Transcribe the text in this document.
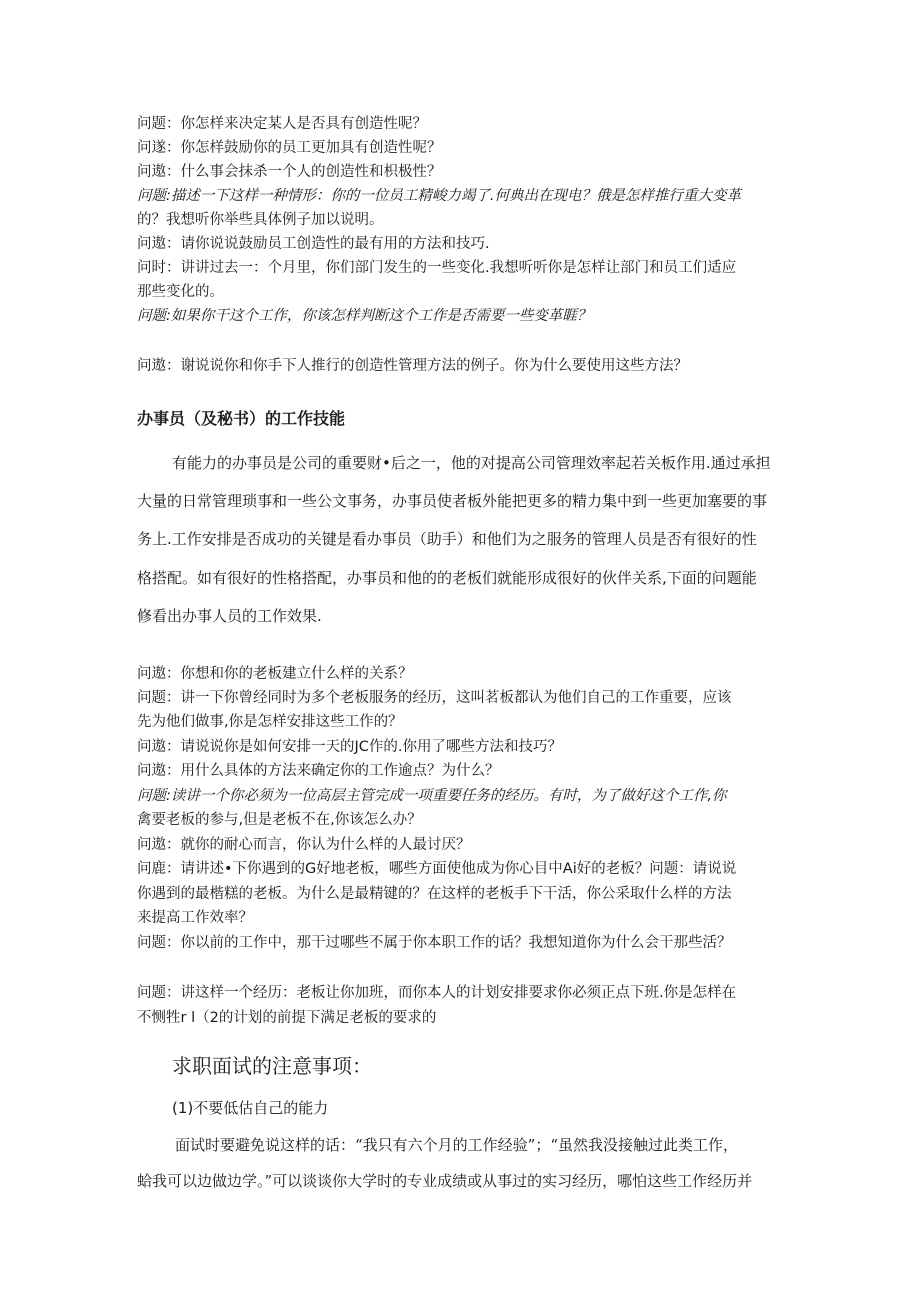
问题：你怎样来决定某人是否具有创造性呢？
问遂：你怎样鼓励你的员工更加具有创造性呢？
问遨：什么事会抹杀一个人的创造性和枳极性？
问题:描述一下这样一种情形：你的一位员工精峻力竭了.何典出在现电？俄是怎样推行重大变革
的？我想听你举些具体例子加以说明。
问遨：请你说说鼓励员工创造性的最有用的方法和技巧.
问时：讲讲过去一：个月里，你们部门发生的一些变化.我想听听你是怎样让部门和员工们适应
那些变化的。
问题:如果你干这个工作，你该怎样判断这个工作是否需要一些变革睚？
问遨：谢说说你和你手下人推行的创造性管理方法的例子。你为什么要使用这些方法？
办事员（及秘书）的工作技能
有能力的办事员是公司的重要财•后之一，他的对提高公司管理效率起若关板作用.通过承担
大量的日常管理琐事和一些公文事务，办事员使者板外能把更多的精力集中到一些更加塞要的事
务上.工作安排是否成功的关键是看办事员（助手）和他们为之服务的管理人员是否有很好的性
格搭配。如有很好的性格搭配，办事员和他的的老板们就能形成很好的伙伴关系,下面的问题能
修看出办事人员的工作效果.
问遨：你想和你的老板建立什么样的关系？
问题：讲一下你曾经同时为多个老板服务的经历，这叫茗板都认为他们自己的工作重要，应该
先为他们做事,你是怎样安排这些工作的？
问遨：请说说你是如何安排一天的JC作的.你用了哪些方法和技巧？
问遨：用什么具体的方法来确定你的工作逾点？为什么？
问题:读讲一个你必须为一位高层主管完成一项重要任务的经历。有时，为了做好这个工作,你
禽要老板的参与,但是老板不在,你该怎么办？
问遨：就你的耐心而言，你认为什么样的人最讨厌？
问鹿：请讲述•下你遇到的G好地老板，哪些方面使他成为你心目中Ai好的老板？问题：请说说
你遇到的最楷糕的老板。为什么是最精键的？在这样的老板手下干活，你公采取什么样的方法
来提高工作效率？
问题：你以前的工作中，那干过哪些不属于你本职工作的话？我想知道你为什么会干那些活？
问题：讲这样一个经历：老板让你加班，而你本人的计划安排要求你必须正点下班.你是怎样在
不恻牲r l（2的计划的前提下满足老板的要求的
求职面试的注意事项：
(1)不要低估自己的能力
面试时要避免说这样的话：“我只有六个月的工作经验”；“虽然我没接触过此类工作，
蛤我可以边做边学。”可以谈谈你大学时的专业成绩或从事过的实习经历，哪怕这些工作经历并
